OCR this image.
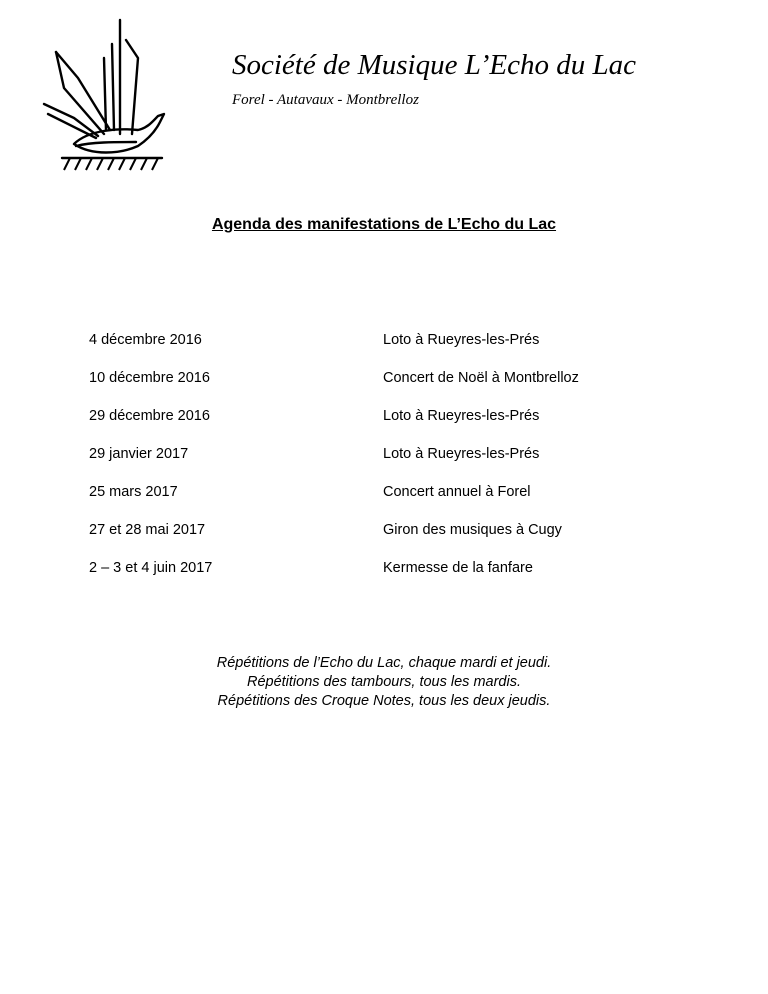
Société de Musique L’Echo du Lac
Forel - Autavaux - Montbrelloz
Agenda des manifestations de L’Echo du Lac
4 décembre 2016	Loto à Rueyres-les-Prés
10 décembre 2016	Concert de Noël à Montbrelloz
29 décembre 2016	Loto à Rueyres-les-Prés
29 janvier 2017	Loto à Rueyres-les-Prés
25 mars 2017	Concert annuel à Forel
27 et 28 mai 2017	Giron des musiques à Cugy
2 – 3 et 4 juin 2017	Kermesse de la fanfare
Répétitions de l’Echo du Lac, chaque mardi et jeudi.
Répétitions des tambours, tous les mardis.
Répétitions des Croque Notes, tous les deux jeudis.
